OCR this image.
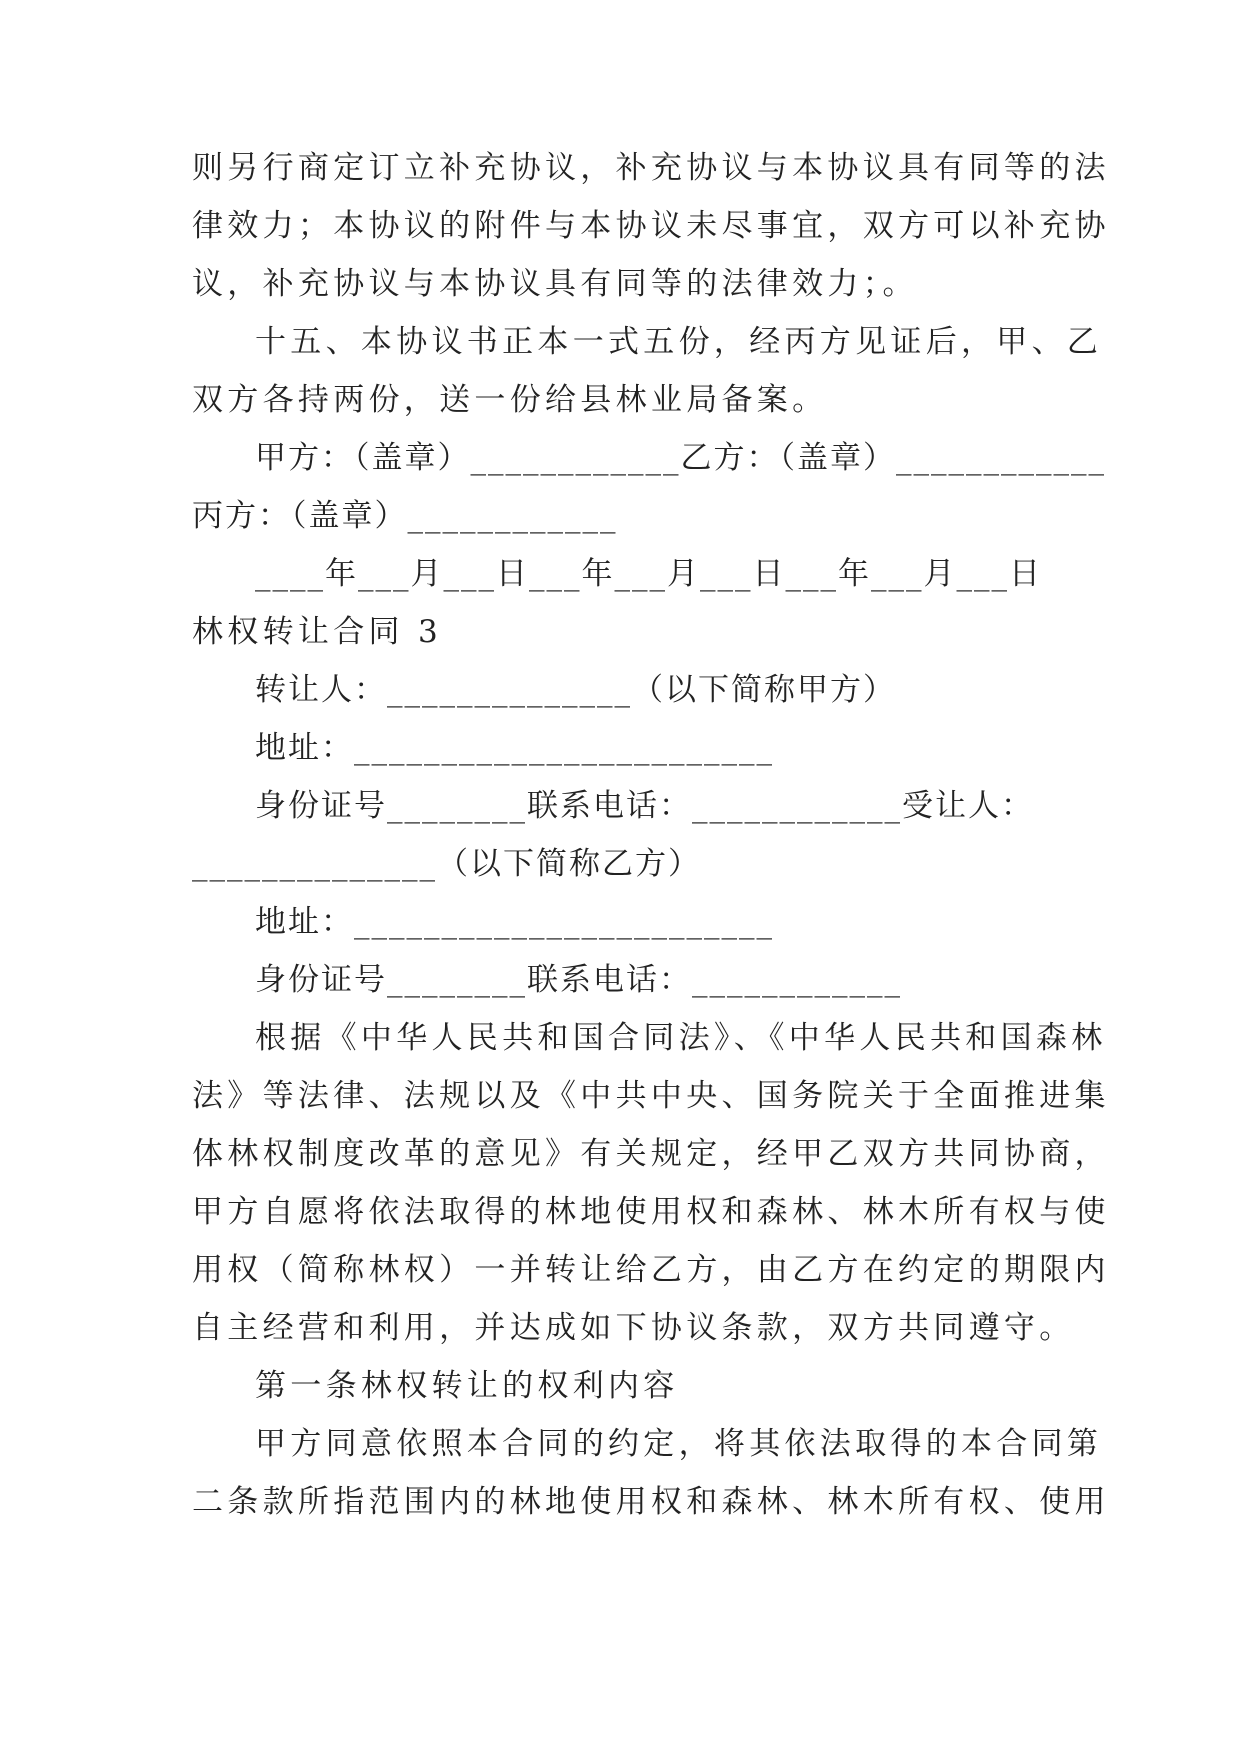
则另行商定订立补充协议，补充协议与本协议具有同等的法
律效力；本协议的附件与本协议未尽事宜，双方可以补充协
议，补充协议与本协议具有同等的法律效力；。
十五、本协议书正本一式五份，经丙方见证后，甲、乙
双方各持两份，送一份给县林业局备案。
甲方：（盖章）____________乙方：（盖章）____________
丙方：（盖章）____________
____年___月___日___年___月___日___年___月___日
林权转让合同 3
转让人：______________（以下简称甲方）
地址：________________________
身份证号________联系电话：____________受让人：
______________（以下简称乙方）
地址：________________________
身份证号________联系电话：____________
根据《中华人民共和国合同法》、《中华人民共和国森林
法》等法律、法规以及《中共中央、国务院关于全面推进集
体林权制度改革的意见》有关规定，经甲乙双方共同协商，
甲方自愿将依法取得的林地使用权和森林、林木所有权与使
用权（简称林权）一并转让给乙方，由乙方在约定的期限内
自主经营和利用，并达成如下协议条款，双方共同遵守。
第一条林权转让的权利内容
甲方同意依照本合同的约定，将其依法取得的本合同第
二条款所指范围内的林地使用权和森林、林木所有权、使用
